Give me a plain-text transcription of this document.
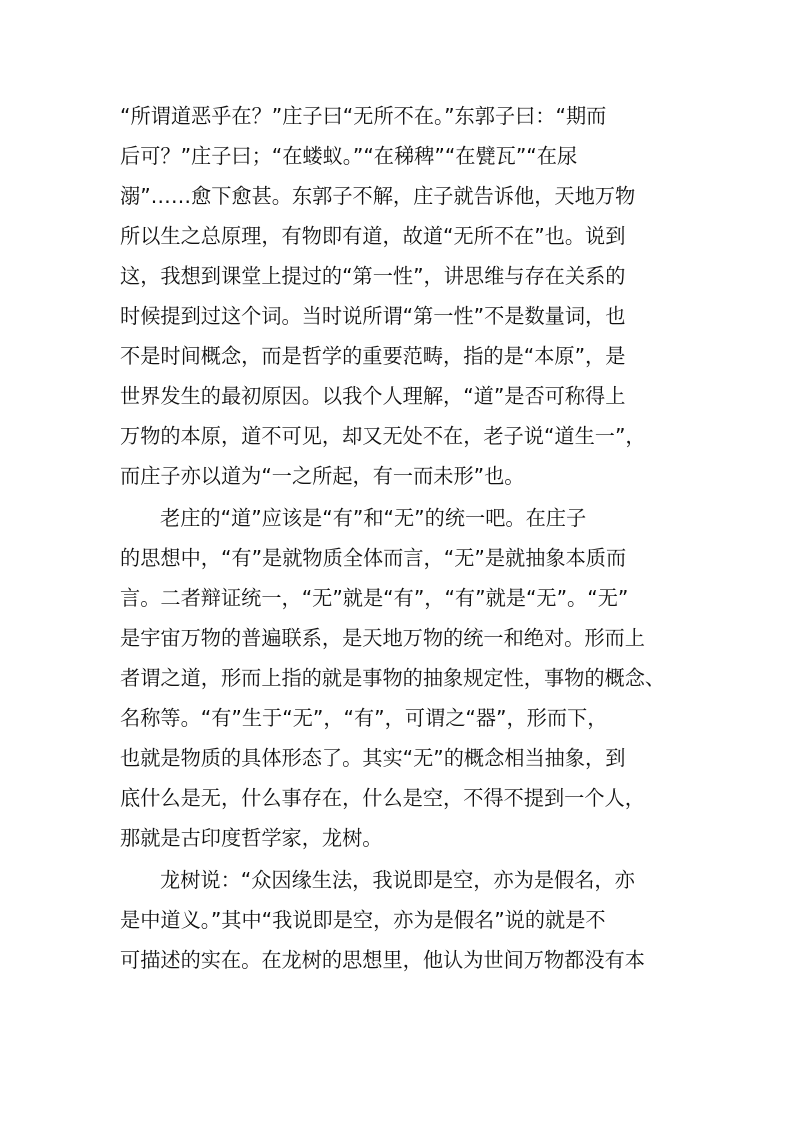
“所谓道恶乎在？”庄子曰“无所不在。”东郭子曰：“期而
后可？”庄子曰；“在蝼蚁。”“在稊稗”“在甓瓦”“在尿
溺”……愈下愈甚。东郭子不解，庄子就告诉他，天地万物
所以生之总原理，有物即有道，故道“无所不在”也。说到
这，我想到课堂上提过的“第一性”，讲思维与存在关系的
时候提到过这个词。当时说所谓“第一性”不是数量词，也
不是时间概念，而是哲学的重要范畴，指的是“本原”，是
世界发生的最初原因。以我个人理解，“道”是否可称得上
万物的本原，道不可见，却又无处不在，老子说“道生一”，
而庄子亦以道为“一之所起，有一而未形”也。
老庄的“道”应该是“有”和“无”的统一吧。在庄子
的思想中，“有”是就物质全体而言，“无”是就抽象本质而
言。二者辩证统一，“无”就是“有”，“有”就是“无”。“无”
是宇宙万物的普遍联系，是天地万物的统一和绝对。形而上
者谓之道，形而上指的就是事物的抽象规定性，事物的概念、
名称等。“有”生于“无”，“有”，可谓之“器”，形而下，
也就是物质的具体形态了。其实“无”的概念相当抽象，到
底什么是无，什么事存在，什么是空，不得不提到一个人，
那就是古印度哲学家，龙树。
龙树说：“众因缘生法，我说即是空，亦为是假名，亦
是中道义。”其中“我说即是空，亦为是假名”说的就是不
可描述的实在。在龙树的思想里，他认为世间万物都没有本
